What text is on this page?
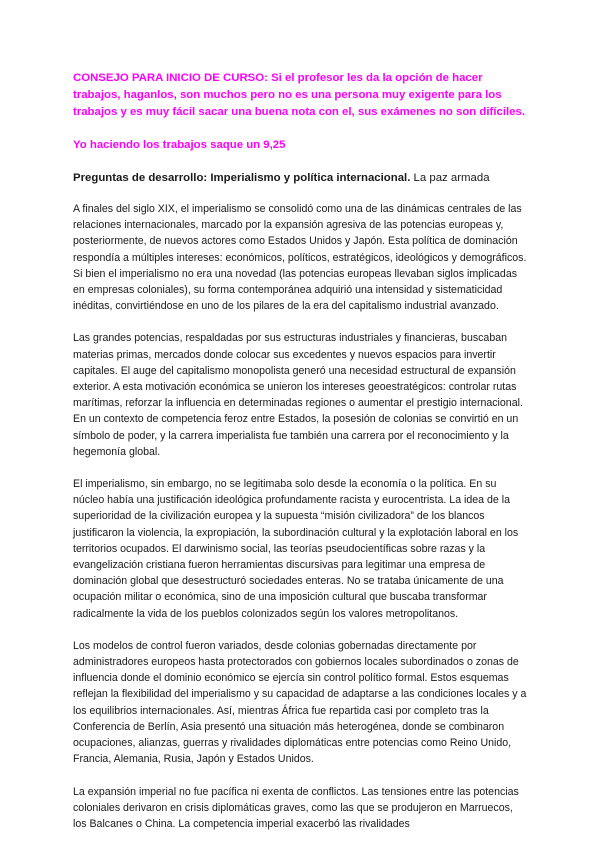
CONSEJO PARA INICIO DE CURSO: Si el profesor les da la opción de hacer trabajos, haganlos, son muchos pero no es una persona muy exigente para los trabajos y es muy fácil sacar una buena nota con el, sus exámenes no son difíciles.

Yo haciendo los trabajos saque un 9,25

Preguntas de desarrollo: Imperialismo y política internacional. La paz armada

A finales del siglo XIX, el imperialismo se consolidó como una de las dinámicas centrales de las relaciones internacionales, marcado por la expansión agresiva de las potencias europeas y, posteriormente, de nuevos actores como Estados Unidos y Japón. Esta política de dominación respondía a múltiples intereses: económicos, políticos, estratégicos, ideológicos y demográficos. Si bien el imperialismo no era una novedad (las potencias europeas llevaban siglos implicadas en empresas coloniales), su forma contemporánea adquirió una intensidad y sistematicidad inéditas, convirtiéndose en uno de los pilares de la era del capitalismo industrial avanzado.

Las grandes potencias, respaldadas por sus estructuras industriales y financieras, buscaban materias primas, mercados donde colocar sus excedentes y nuevos espacios para invertir capitales. El auge del capitalismo monopolista generó una necesidad estructural de expansión exterior. A esta motivación económica se unieron los intereses geoestratégicos: controlar rutas marítimas, reforzar la influencia en determinadas regiones o aumentar el prestigio internacional. En un contexto de competencia feroz entre Estados, la posesión de colonias se convirtió en un símbolo de poder, y la carrera imperialista fue también una carrera por el reconocimiento y la hegemonía global.

El imperialismo, sin embargo, no se legitimaba solo desde la economía o la política. En su núcleo había una justificación ideológica profundamente racista y eurocentrista. La idea de la superioridad de la civilización europea y la supuesta “misión civilizadora” de los blancos justificaron la violencia, la expropiación, la subordinación cultural y la explotación laboral en los territorios ocupados. El darwinismo social, las teorías pseudocientíficas sobre razas y la evangelización cristiana fueron herramientas discursivas para legitimar una empresa de dominación global que desestructuró sociedades enteras. No se trataba únicamente de una ocupación militar o económica, sino de una imposición cultural que buscaba transformar radicalmente la vida de los pueblos colonizados según los valores metropolitanos.

Los modelos de control fueron variados, desde colonias gobernadas directamente por administradores europeos hasta protectorados con gobiernos locales subordinados o zonas de influencia donde el dominio económico se ejercía sin control político formal. Estos esquemas reflejan la flexibilidad del imperialismo y su capacidad de adaptarse a las condiciones locales y a los equilibrios internacionales. Así, mientras África fue repartida casi por completo tras la Conferencia de Berlín, Asia presentó una situación más heterogénea, donde se combinaron ocupaciones, alianzas, guerras y rivalidades diplomáticas entre potencias como Reino Unido, Francia, Alemania, Rusia, Japón y Estados Unidos.

La expansión imperial no fue pacífica ni exenta de conflictos. Las tensiones entre las potencias coloniales derivaron en crisis diplomáticas graves, como las que se produjeron en Marruecos, los Balcanes o China. La competencia imperial exacerbó las rivalidades
